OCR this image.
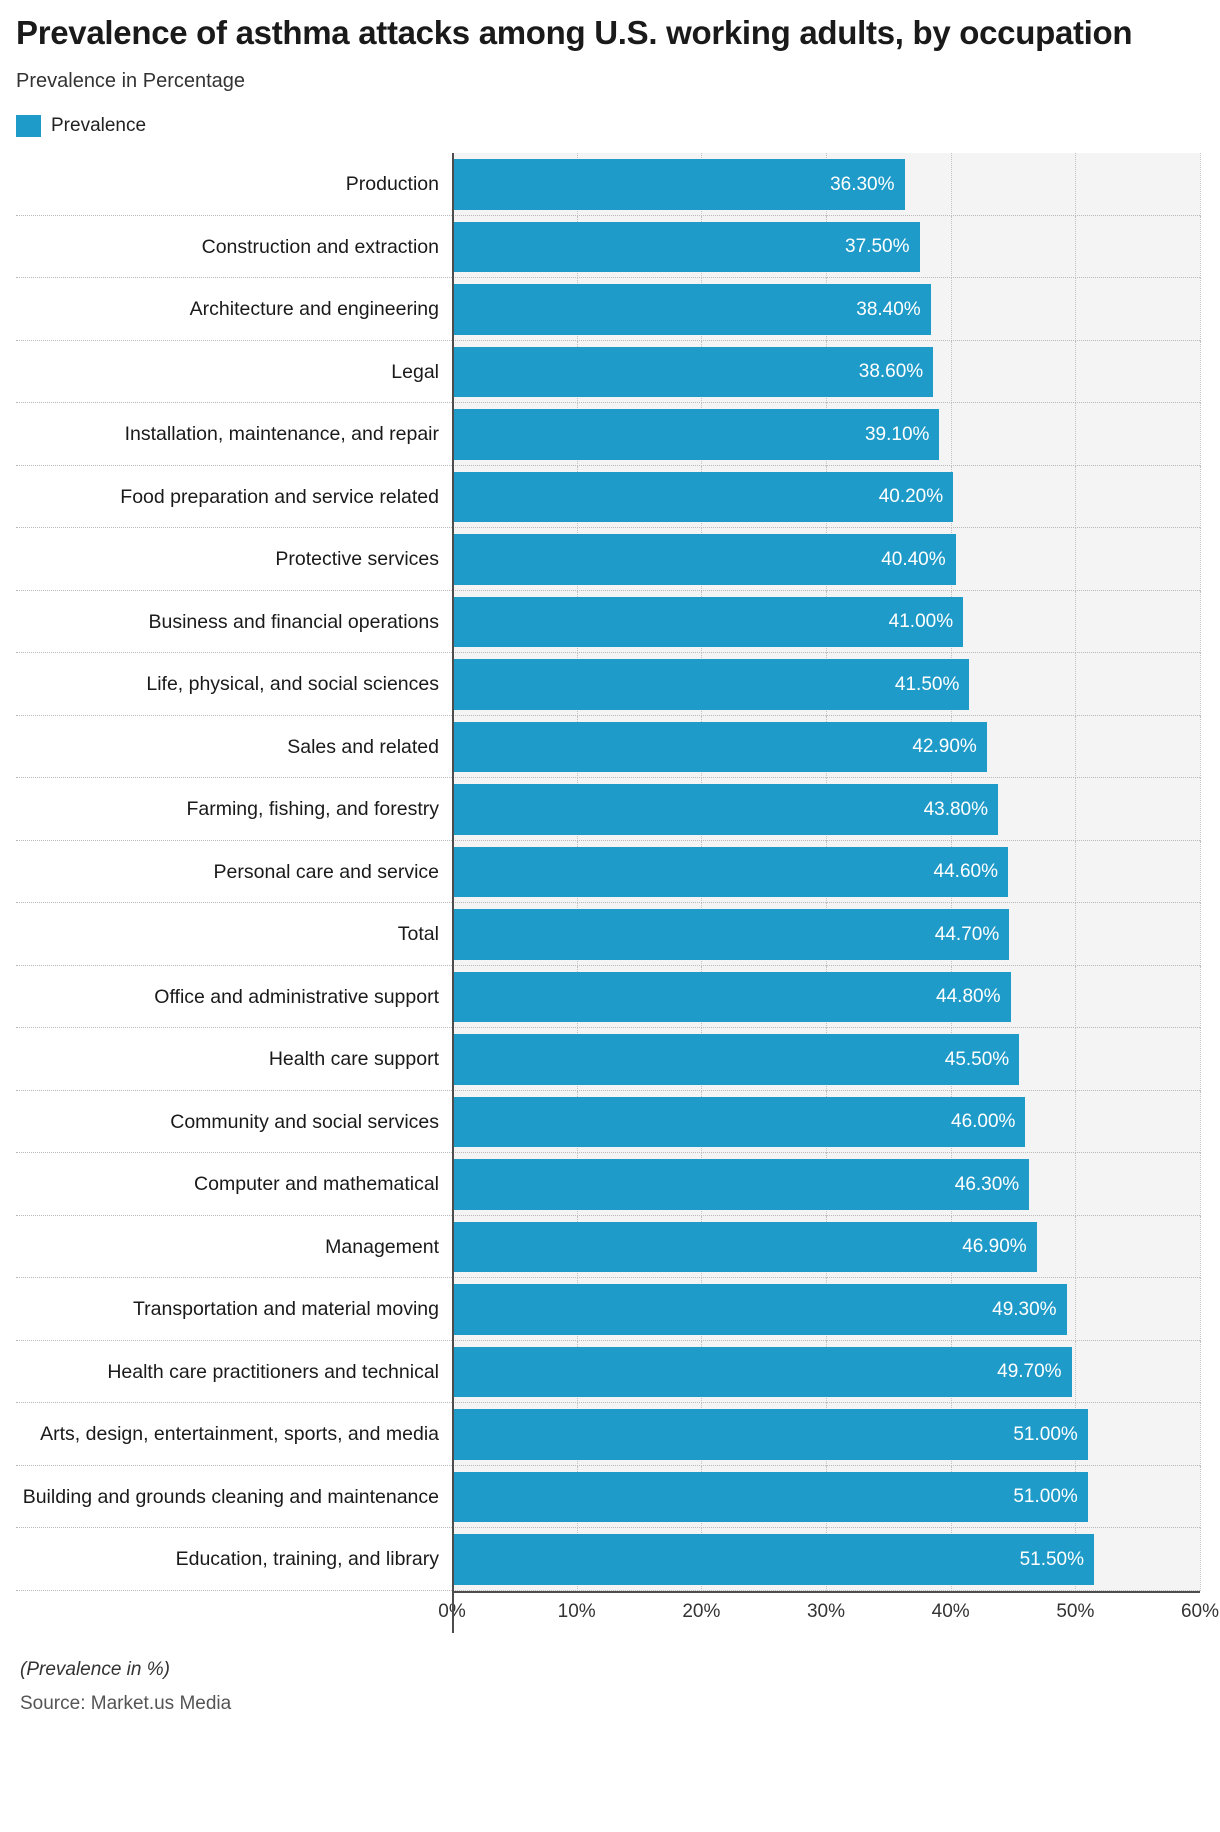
Prevalence of asthma attacks among U.S. working adults, by occupation
Prevalence in Percentage
Prevalence
Production	36.30%
Construction and extraction	37.50%
Architecture and engineering	38.40%
Legal	38.60%
Installation, maintenance, and repair	39.10%
Food preparation and service related	40.20%
Protective services	40.40%
Business and financial operations	41.00%
Life, physical, and social sciences	41.50%
Sales and related	42.90%
Farming, fishing, and forestry	43.80%
Personal care and service	44.60%
Total	44.70%
Office and administrative support	44.80%
Health care support	45.50%
Community and social services	46.00%
Computer and mathematical	46.30%
Management	46.90%
Transportation and material moving	49.30%
Health care practitioners and technical	49.70%
Arts, design, entertainment, sports, and media	51.00%
Building and grounds cleaning and maintenance	51.00%
Education, training, and library	51.50%
0%	10%	20%	30%	40%	50%	60%
(Prevalence in %)
Source: Market.us Media
